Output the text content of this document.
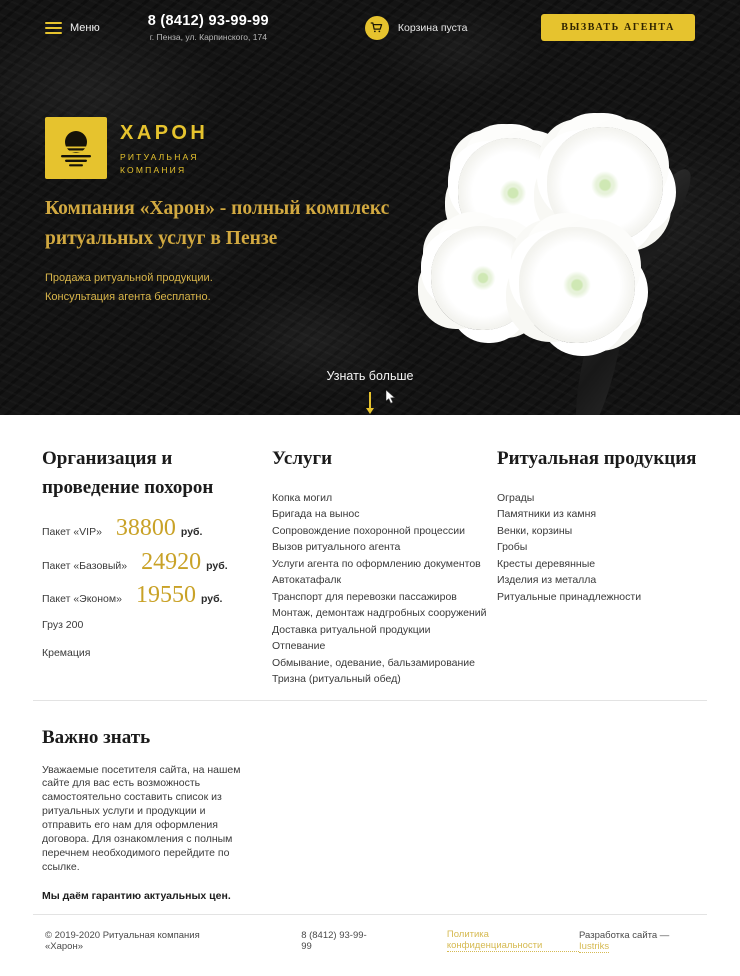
Меню	8 (8412) 93-99-99
г. Пенза, ул. Карпинского, 174
Корзина пуста	ВЫЗВАТЬ АГЕНТА
ХАРОН
РИТУАЛЬНАЯ
КОМПАНИЯ
Компания «Харон» - полный комплекс ритуальных услуг в Пензе
Продажа ритуальной продукции.
Консультация агента бесплатно.
Узнать больше
Организация и проведение похорон
Пакет «VIP» 38800 руб.
Пакет «Базовый» 24920 руб.
Пакет «Эконом» 19550 руб.
Груз 200
Кремация
Услуги
Копка могил
Бригада на вынос
Сопровождение похоронной процессии
Вызов ритуального агента
Услуги агента по оформлению документов
Автокатафалк
Транспорт для перевозки пассажиров
Монтаж, демонтаж надгробных сооружений
Доставка ритуальной продукции
Отпевание
Обмывание, одевание, бальзамирование
Тризна (ритуальный обед)
Ритуальная продукция
Ограды
Памятники из камня
Венки, корзины
Гробы
Кресты деревянные
Изделия из металла
Ритуальные принадлежности
Важно знать

Уважаемые посетителя сайта, на нашем сайте для вас есть возможность самостоятельно составить список из ритуальных услуги и продукции и отправить его нам для оформления договора. Для ознакомления с полным перечнем необходимого перейдите по ссылке.

Мы даём гарантию актуальных цен.
© 2019-2020 Ритуальная компания «Харон»
8 (8412) 93-99-99
Политика конфиденциальности
Разработка сайта — Iustriks
